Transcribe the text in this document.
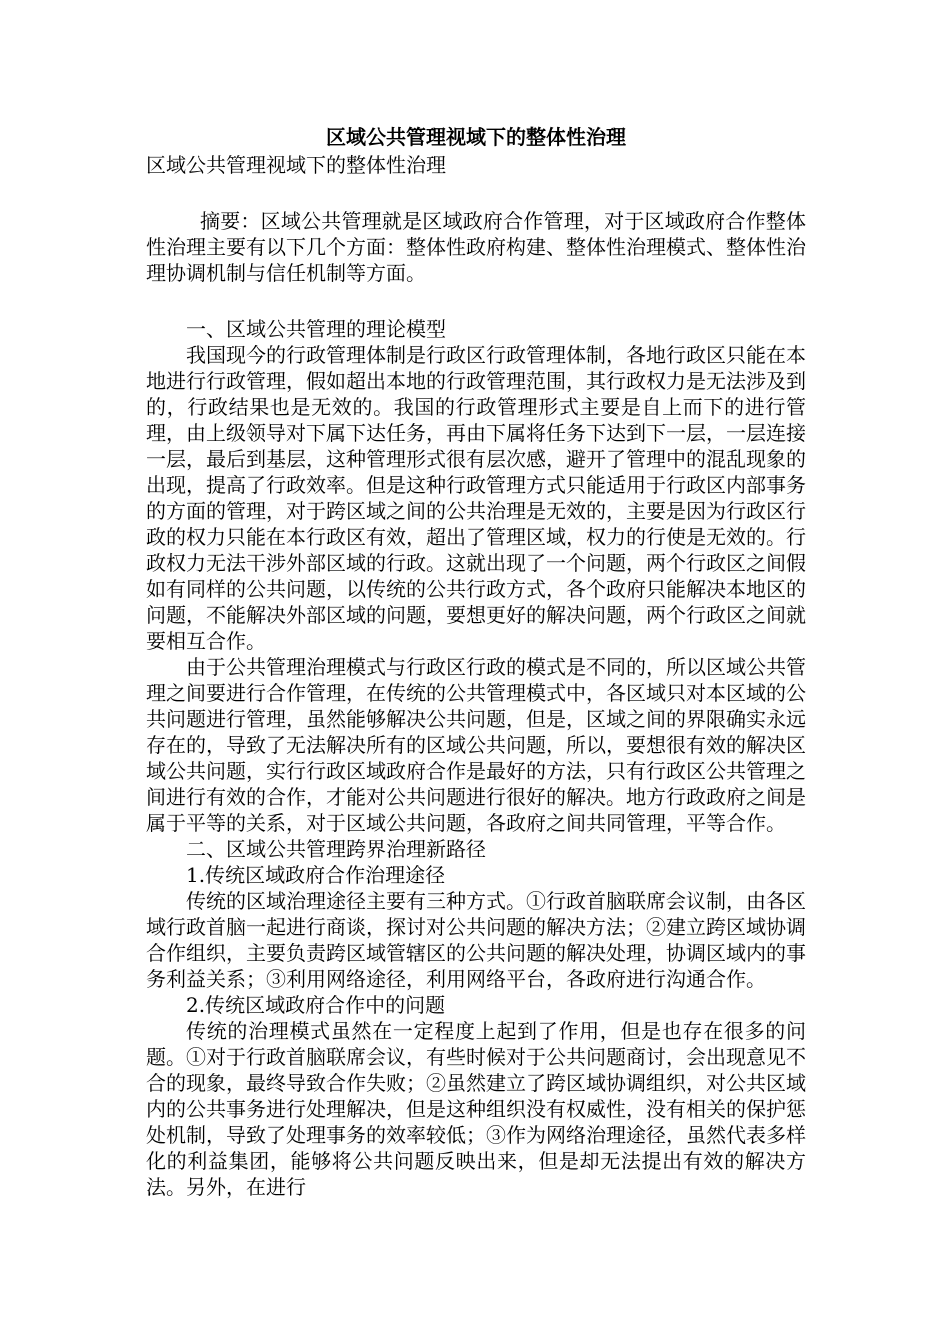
区域公共管理视域下的整体性治理
区域公共管理视域下的整体性治理

摘要：区域公共管理就是区域政府合作管理，对于区域政府合作整体性治理主要有以下几个方面：整体性政府构建、整体性治理模式、整体性治理协调机制与信任机制等方面。

一、区域公共管理的理论模型

我国现今的行政管理体制是行政区行政管理体制，各地行政区只能在本地进行行政管理，假如超出本地的行政管理范围，其行政权力是无法涉及到的，行政结果也是无效的。我国的行政管理形式主要是自上而下的进行管理，由上级领导对下属下达任务，再由下属将任务下达到下一层，一层连接一层，最后到基层，这种管理形式很有层次感，避开了管理中的混乱现象的出现，提高了行政效率。但是这种行政管理方式只能适用于行政区内部事务的方面的管理，对于跨区域之间的公共治理是无效的，主要是因为行政区行政的权力只能在本行政区有效，超出了管理区域，权力的行使是无效的。行政权力无法干涉外部区域的行政。这就出现了一个问题，两个行政区之间假如有同样的公共问题，以传统的公共行政方式，各个政府只能解决本地区的问题，不能解决外部区域的问题，要想更好的解决问题，两个行政区之间就要相互合作。

由于公共管理治理模式与行政区行政的模式是不同的，所以区域公共管理之间要进行合作管理，在传统的公共管理模式中，各区域只对本区域的公共问题进行管理，虽然能够解决公共问题，但是，区域之间的界限确实永远存在的，导致了无法解决所有的区域公共问题，所以，要想很有效的解决区域公共问题，实行行政区域政府合作是最好的方法，只有行政区公共管理之间进行有效的合作，才能对公共问题进行很好的解决。地方行政政府之间是属于平等的关系，对于区域公共问题，各政府之间共同管理，平等合作。

二、区域公共管理跨界治理新路径

1.传统区域政府合作治理途径

传统的区域治理途径主要有三种方式。①行政首脑联席会议制，由各区域行政首脑一起进行商谈，探讨对公共问题的解决方法；②建立跨区域协调合作组织，主要负责跨区域管辖区的公共问题的解决处理，协调区域内的事务利益关系；③利用网络途径，利用网络平台，各政府进行沟通合作。

2.传统区域政府合作中的问题

传统的治理模式虽然在一定程度上起到了作用，但是也存在很多的问题。①对于行政首脑联席会议，有些时候对于公共问题商讨，会出现意见不合的现象，最终导致合作失败；②虽然建立了跨区域协调组织，对公共区域内的公共事务进行处理解决，但是这种组织没有权威性，没有相关的保护惩处机制，导致了处理事务的效率较低；③作为网络治理途径，虽然代表多样化的利益集团，能够将公共问题反映出来，但是却无法提出有效的解决方法。另外，在进行
